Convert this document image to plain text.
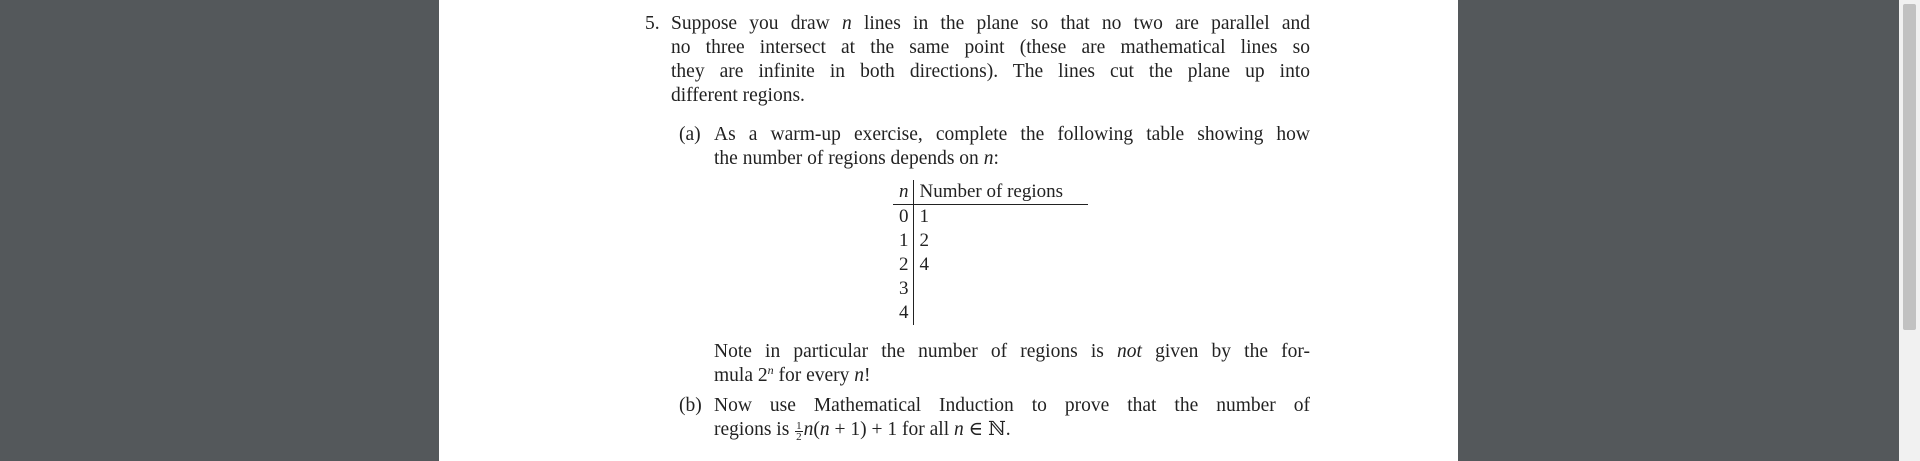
5. Suppose you draw n lines in the plane so that no two are parallel and
no three intersect at the same point (these are mathematical lines so
they are infinite in both directions). The lines cut the plane up into
different regions.
(a) As a warm-up exercise, complete the following table showing how
the number of regions depends on n:
Note in particular the number of regions is not given by the for-
mula 2$^n$ for every n!
(b) Now use Mathematical Induction to prove that the number of
regions is $\frac{1}{2} n(n + 1) + 1$ for all n ∈ ℕ.
n	Number of regions
0	1
1	2
2	4
3	
4	
